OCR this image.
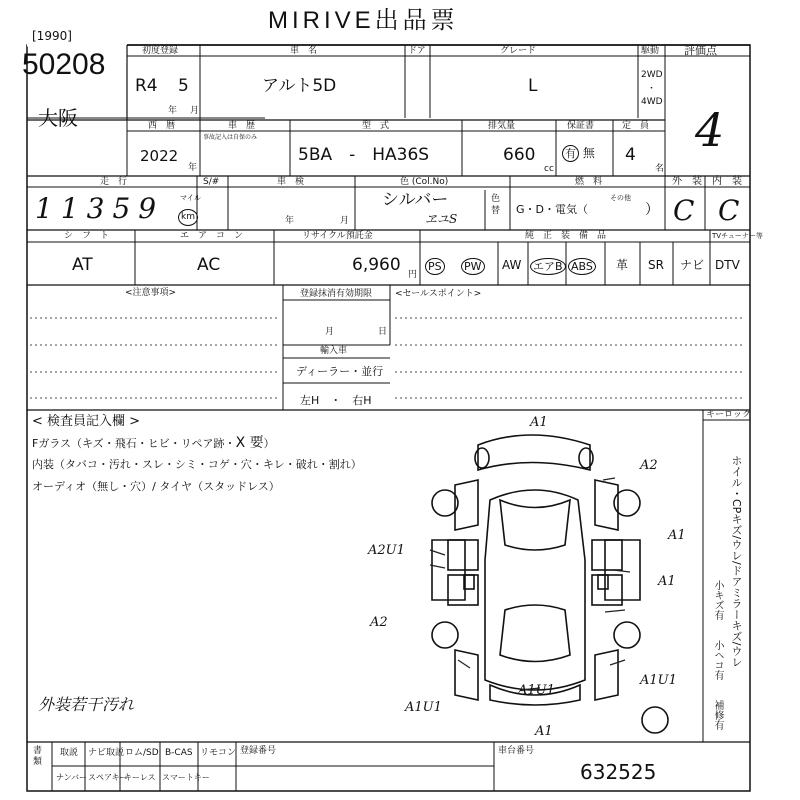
[1990]
50208
大阪
MIRIVE出品票
初度登録
R4 5
年 月
車　名
アルト5D
ドア	グレード
L
駆動
2WD
・
4WD
評価点
4
西　暦
2022
年
車　歴
事故記入は自保のみ
型　式
5BA　-　HA36S
排気量
660
cc
保証書
有 無
定　員
4
名
走　行
11359 マイル
km
S/#	車　検
年	月
色 (Col.No)
シルバー
ヱユS
色替
燃　料
G・D・電気（
その他
）
外　装
C
内　装
C
シ　フ　ト
AT
エ　ア　コ　ン
AC
リサイクル預託金
6,960 円
純　正　装　備　品	TVチューナー等
PS PW AW エアB ABS 革 SR ナビ DTV
<注意事項>	登録抹消有効期限
月	日
<セールスポイント>
輸入車
ディーラー・並行
左H　・　右H
< 検査員記入欄 >
Fガラス（キズ・飛石・ヒビ・リペア跡・X 要）
内装（タバコ・汚れ・スレ・シミ・コゲ・穴・キレ・破れ・割れ）
オーディオ（無し・穴）/ タイヤ（スタッドレス）
キーロック
ホイル・CPキズ/ウレ/ドアミラーキズ/ウレ
小キズ有
小ヘコ有
補修有
外装若干汚れ
A1
A2
A1
A1
A2U1
A2
A1U1
A1U1
A1U1
A1
書類
取説 ナビ取説 ロム/SD B-CAS リモコン 登録番号
ナンバー スペアキー
キーレス スマートキー
車台番号
632525
